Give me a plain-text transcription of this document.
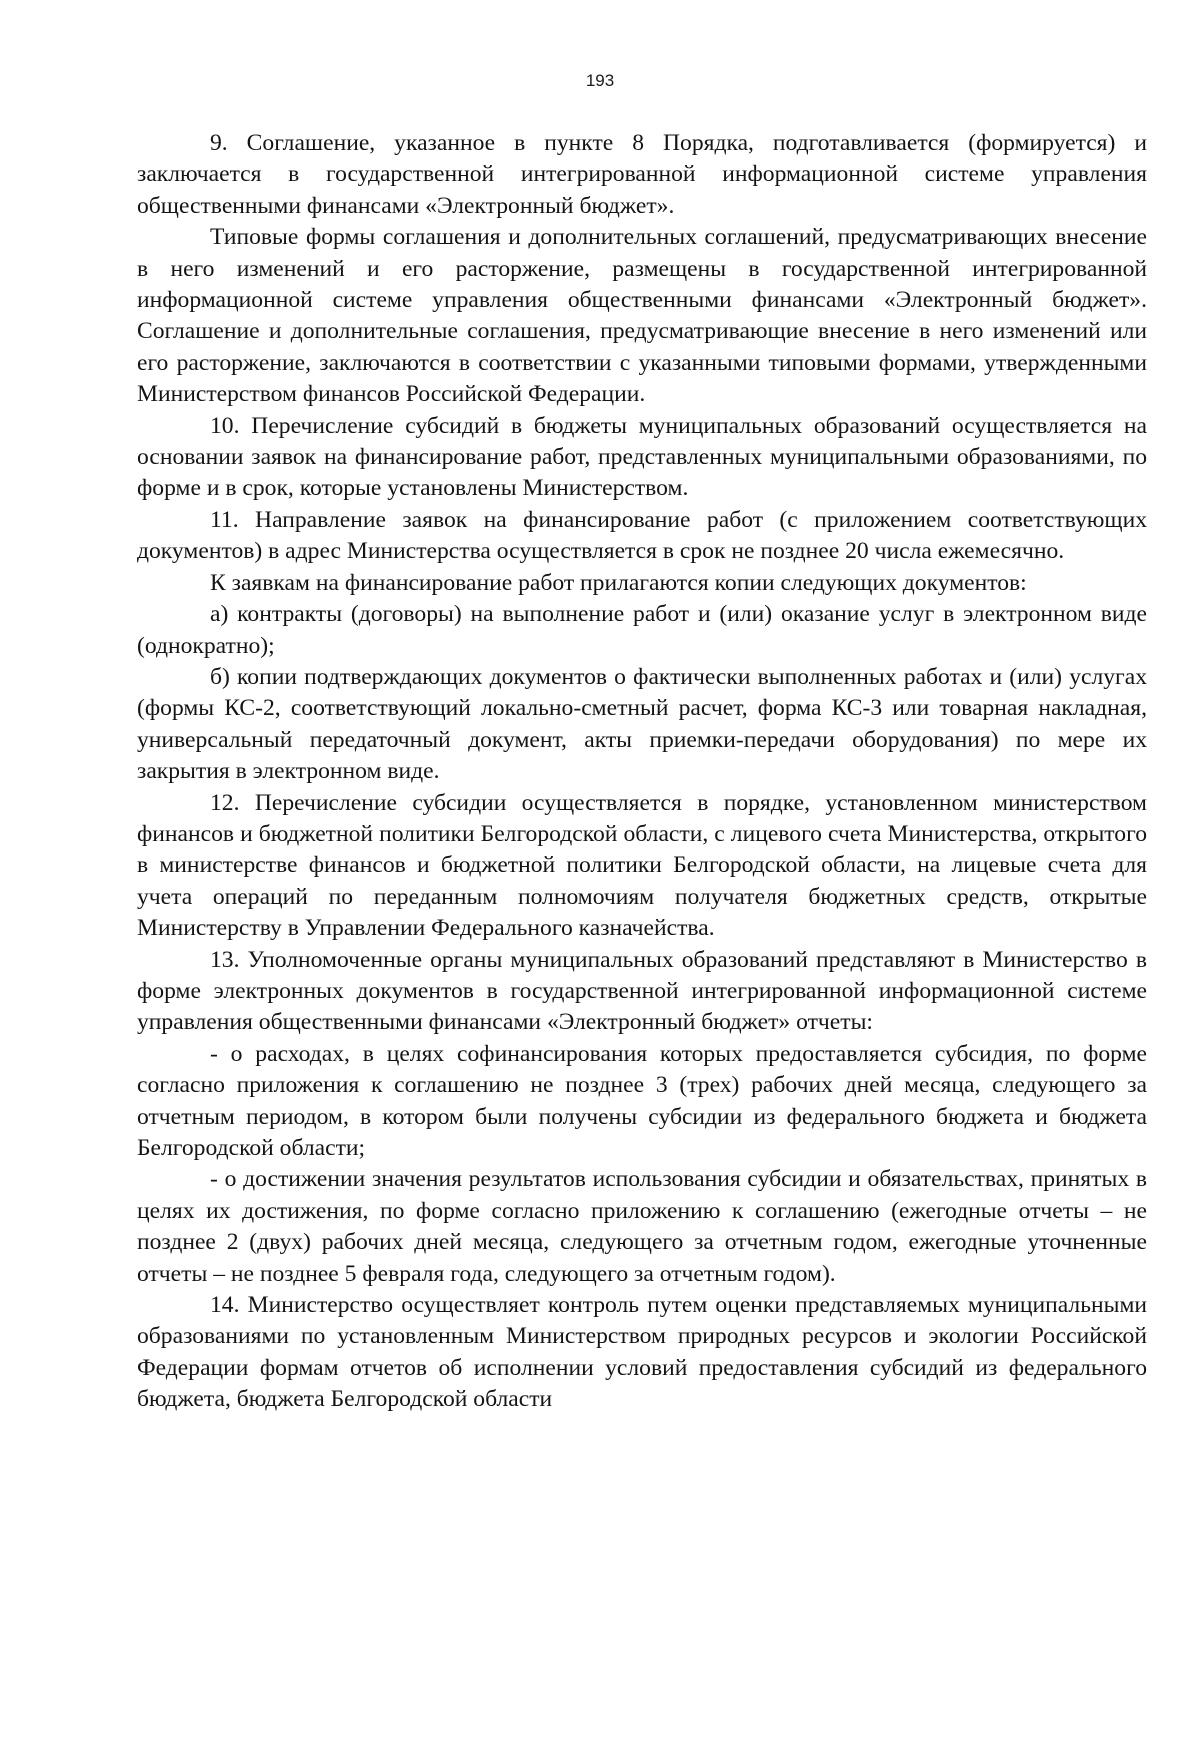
193

9. Соглашение, указанное в пункте 8 Порядка, подготавливается (формируется) и заключается в государственной интегрированной информационной системе управления общественными финансами «Электронный бюджет».

Типовые формы соглашения и дополнительных соглашений, предусматривающих внесение в него изменений и его расторжение, размещены в государственной интегрированной информационной системе управления общественными финансами «Электронный бюджет». Соглашение и дополнительные соглашения, предусматривающие внесение в него изменений или его расторжение, заключаются в соответствии с указанными типовыми формами, утвержденными Министерством финансов Российской Федерации.

10. Перечисление субсидий в бюджеты муниципальных образований осуществляется на основании заявок на финансирование работ, представленных муниципальными образованиями, по форме и в срок, которые установлены Министерством.

11. Направление заявок на финансирование работ (с приложением соответствующих документов) в адрес Министерства осуществляется в срок не позднее 20 числа ежемесячно.

К заявкам на финансирование работ прилагаются копии следующих документов:

а) контракты (договоры) на выполнение работ и (или) оказание услуг в электронном виде (однократно);

б) копии подтверждающих документов о фактически выполненных работах и (или) услугах (формы КС-2, соответствующий локально-сметный расчет, форма КС-3 или товарная накладная, универсальный передаточный документ, акты приемки-передачи оборудования) по мере их закрытия в электронном виде.

12. Перечисление субсидии осуществляется в порядке, установленном министерством финансов и бюджетной политики Белгородской области, с лицевого счета Министерства, открытого в министерстве финансов и бюджетной политики Белгородской области, на лицевые счета для учета операций по переданным полномочиям получателя бюджетных средств, открытые Министерству в Управлении Федерального казначейства.

13. Уполномоченные органы муниципальных образований представляют в Министерство в форме электронных документов в государственной интегрированной информационной системе управления общественными финансами «Электронный бюджет» отчеты:

- о расходах, в целях софинансирования которых предоставляется субсидия, по форме согласно приложения к соглашению не позднее 3 (трех) рабочих дней месяца, следующего за отчетным периодом, в котором были получены субсидии из федерального бюджета и бюджета Белгородской области;

- о достижении значения результатов использования субсидии и обязательствах, принятых в целях их достижения, по форме согласно приложению к соглашению (ежегодные отчеты – не позднее 2 (двух) рабочих дней месяца, следующего за отчетным годом, ежегодные уточненные отчеты – не позднее 5 февраля года, следующего за отчетным годом).

14. Министерство осуществляет контроль путем оценки представляемых муниципальными образованиями по установленным Министерством природных ресурсов и экологии Российской Федерации формам отчетов об исполнении условий предоставления субсидий из федерального бюджета, бюджета Белгородской области
